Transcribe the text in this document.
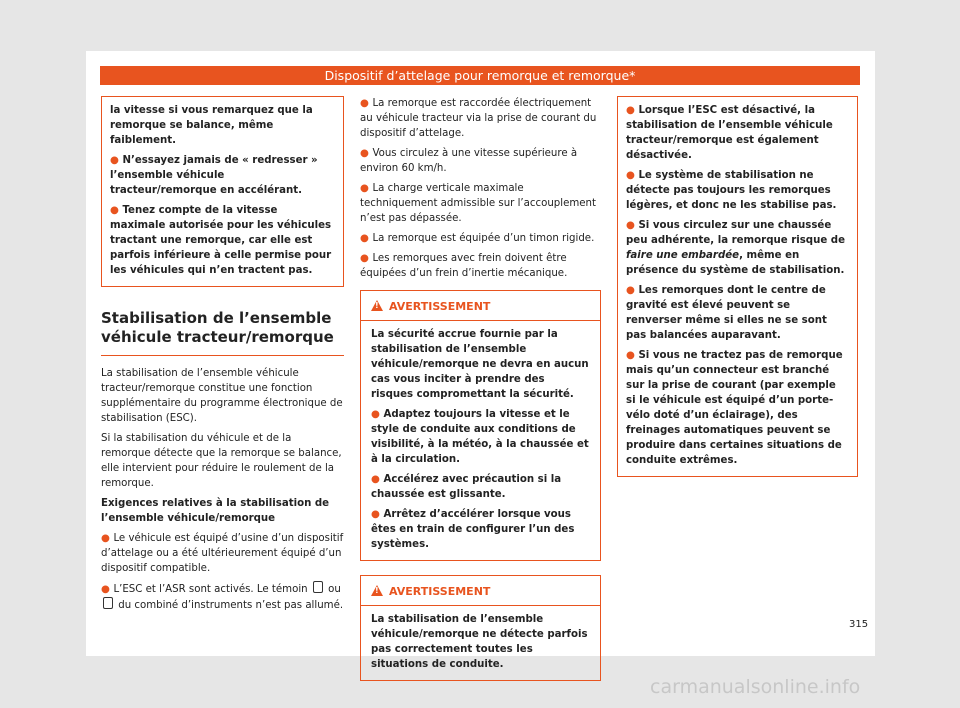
Dispositif d’attelage pour remorque et remorque*

la vitesse si vous remarquez que la remorque se balance, même faiblement.

● N’essayez jamais de « redresser » l’ensemble véhicule tracteur/remorque en accélérant.

● Tenez compte de la vitesse maximale autorisée pour les véhicules tractant une remorque, car elle est parfois inférieure à celle permise pour les véhicules qui n’en tractent pas.

Stabilisation de l’ensemble véhicule tracteur/remorque

La stabilisation de l’ensemble véhicule tracteur/remorque constitue une fonction supplémentaire du programme électronique de stabilisation (ESC).

Si la stabilisation du véhicule et de la remorque détecte que la remorque se balance, elle intervient pour réduire le roulement de la remorque.

Exigences relatives à la stabilisation de l’ensemble véhicule/remorque

● Le véhicule est équipé d’usine d’un dispositif d’attelage ou a été ultérieurement équipé d’un dispositif compatible.

● L’ESC et l’ASR sont activés. Le témoin ou  du combiné d’instruments n’est pas allumé.

● La remorque est raccordée électriquement au véhicule tracteur via la prise de courant du dispositif d’attelage.

● Vous circulez à une vitesse supérieure à environ 60 km/h.

● La charge verticale maximale techniquement admissible sur l’accouplement n’est pas dépassée.

● La remorque est équipée d’un timon rigide.

● Les remorques avec frein doivent être équipées d’un frein d’inertie mécanique.

!AVERTISSEMENT

La sécurité accrue fournie par la stabilisation de l’ensemble véhicule/remorque ne devra en aucun cas vous inciter à prendre des risques compromettant la sécurité.

● Adaptez toujours la vitesse et le style de conduite aux conditions de visibilité, à la météo, à la chaussée et à la circulation.

● Accélérez avec précaution si la chaussée est glissante.

● Arrêtez d’accélérer lorsque vous êtes en train de configurer l’un des systèmes.

!AVERTISSEMENT

La stabilisation de l’ensemble véhicule/remorque ne détecte parfois pas correctement toutes les situations de conduite.

● Lorsque l’ESC est désactivé, la stabilisation de l’ensemble véhicule tracteur/remorque est également désactivée.

● Le système de stabilisation ne détecte pas toujours les remorques légères, et donc ne les stabilise pas.

● Si vous circulez sur une chaussée peu adhérente, la remorque risque de faire une embardée, même en présence du système de stabilisation.

● Les remorques dont le centre de gravité est élevé peuvent se renverser même si elles ne se sont pas balancées auparavant.

● Si vous ne tractez pas de remorque mais qu’un connecteur est branché sur la prise de courant (par exemple si le véhicule est équipé d’un porte-vélo doté d’un éclairage), des freinages automatiques peuvent se produire dans certaines situations de conduite extrêmes.

315
carmanualsonline.info
